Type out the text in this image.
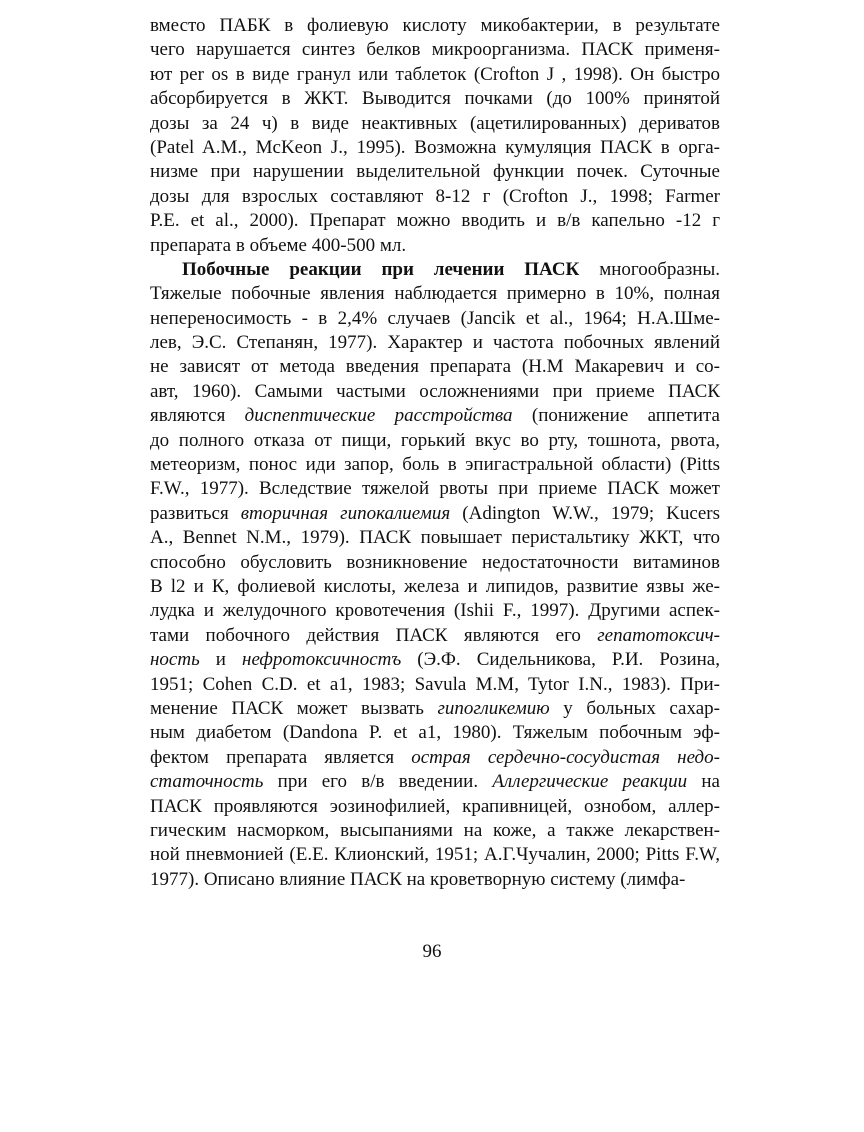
вместо ПАБК в фолиевую кислоту микобактерии, в результате
чего нарушается синтез белков микроорганизма. ПАСК применя-
ют per os в виде гранул или таблеток (Crofton J , 1998). Он быстро
абсорбируется в ЖКТ. Выводится почками (до 100% принятой
дозы за 24 ч) в виде неактивных (ацетилированных) дериватов
(Patel A.M., McKeon J., 1995). Возможна кумуляция ПАСК в орга-
низме при нарушении выделительной функции почек. Суточные
дозы для взрослых составляют 8-12 г (Crofton J., 1998; Farmer
P.E. et al., 2000). Препарат можно вводить и в/в капельно -12 г
препарата в объеме 400-500 мл.
Побочные реакции при лечении ПАСК многообразны.
Тяжелые побочные явления наблюдается примерно в 10%, полная
непереносимость - в 2,4% случаев (Jancik et al., 1964; Н.А.Шме-
лев, Э.С. Степанян, 1977). Характер и частота побочных явлений
не зависят от метода введения препарата (Н.М Макаревич и со-
авт, 1960). Самыми частыми осложнениями при приеме ПАСК
являются диспептические расстройства (понижение аппетита
до полного отказа от пищи, горький вкус во рту, тошнота, рвота,
метеоризм, понос иди запор, боль в эпигастральной области) (Pitts
F.W., 1977). Вследствие тяжелой рвоты при приеме ПАСК может
развиться вторичная гипокалиемия (Adington W.W., 1979; Kucers
A., Bennet N.M., 1979). ПАСК повышает перистальтику ЖКТ, что
способно обусловить возникновение недостаточности витаминов
В l2 и К, фолиевой кислоты, железа и липидов, развитие язвы же-
лудка и желудочного кровотечения (Ishii F., 1997). Другими аспек-
тами побочного действия ПАСК являются его гепатотоксич-
ность и нефротоксичностъ (Э.Ф. Сидельникова, Р.И. Розина,
1951; Cohen C.D. et a1, 1983; Savula M.M, Tytor I.N., 1983). При-
менение ПАСК может вызвать гипогликемию у больных сахар-
ным диабетом (Dandona P. et a1, 1980). Тяжелым побочным эф-
фектом препарата является острая сердечно-сосудистая недо-
статочность при его в/в введении. Аллергические реакции на
ПАСК проявляются эозинофилией, крапивницей, ознобом, аллер-
гическим насморком, высыпаниями на коже, а также лекарствен-
ной пневмонией (Е.Е. Клионский, 1951; А.Г.Чучалин, 2000; Pitts F.W,
1977). Описано влияние ПАСК на кроветворную систему (лимфа-
96
